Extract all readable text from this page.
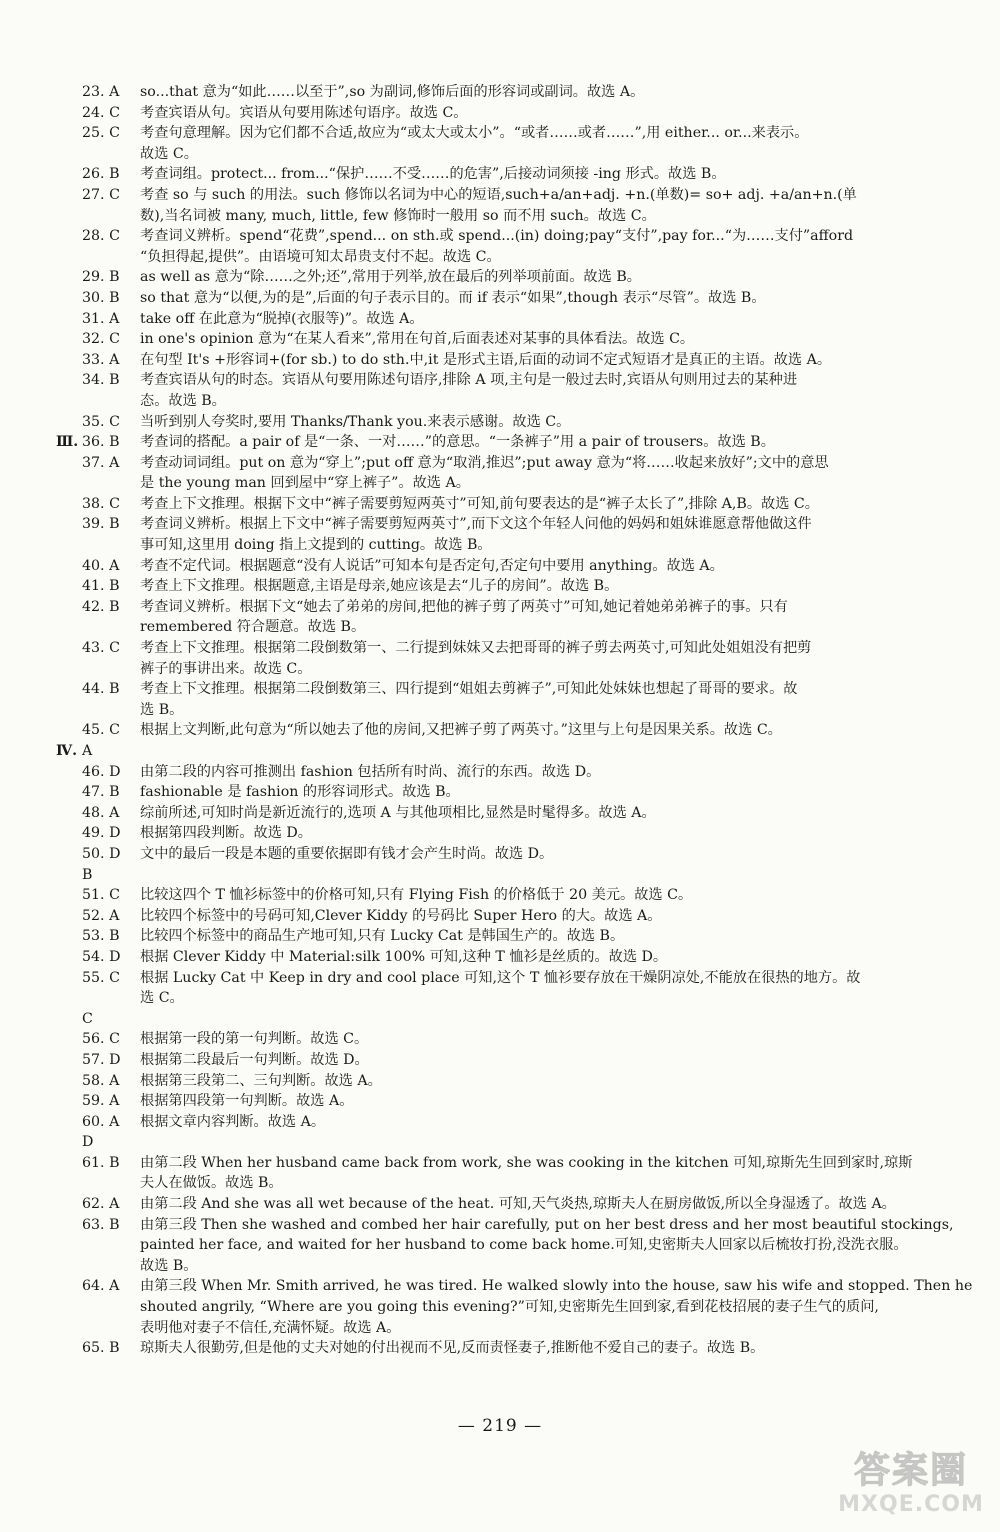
23. A so...that 意为“如此……以至于”,so 为副词,修饰后面的形容词或副词。故选 A。
24. C 考查宾语从句。宾语从句要用陈述句语序。故选 C。
25. C 考查句意理解。因为它们都不合适,故应为“或太大或太小”。“或者……或者……”,用 either... or...来表示。
故选 C。
26. B 考查词组。protect... from...“保护……不受……的危害”,后接动词须接 -ing 形式。故选 B。
27. C 考查 so 与 such 的用法。such 修饰以名词为中心的短语,such+a/an+adj. +n.(单数)= so+ adj. +a/an+n.(单
数),当名词被 many, much, little, few 修饰时一般用 so 而不用 such。故选 C。
28. C 考查词义辨析。spend“花费”,spend... on sth.或 spend...(in) doing;pay“支付”,pay for...“为……支付”afford
“负担得起,提供”。由语境可知太昂贵支付不起。故选 C。
29. B as well as 意为“除……之外;还”,常用于列举,放在最后的列举项前面。故选 B。
30. B so that 意为“以便,为的是”,后面的句子表示目的。而 if 表示“如果”,though 表示“尽管”。故选 B。
31. A take off 在此意为“脱掉(衣服等)”。故选 A。
32. C in one's opinion 意为“在某人看来”,常用在句首,后面表述对某事的具体看法。故选 C。
33. A 在句型 It's +形容词+(for sb.) to do sth.中,it 是形式主语,后面的动词不定式短语才是真正的主语。故选 A。
34. B 考查宾语从句的时态。宾语从句要用陈述句语序,排除 A 项,主句是一般过去时,宾语从句则用过去的某种进
态。故选 B。
35. C 当听到别人夸奖时,要用 Thanks/Thank you.来表示感谢。故选 C。
Ⅲ. 36. B 考查词的搭配。a pair of 是“一条、一对……”的意思。“一条裤子”用 a pair of trousers。故选 B。
37. A 考查动词词组。put on 意为“穿上”;put off 意为“取消,推迟”;put away 意为“将……收起来放好”;文中的意思
是 the young man 回到屋中“穿上裤子”。故选 A。
38. C 考查上下文推理。根据下文中“裤子需要剪短两英寸”可知,前句要表达的是“裤子太长了”,排除 A,B。故选 C。
39. B 考查词义辨析。根据上下文中“裤子需要剪短两英寸”,而下文这个年轻人问他的妈妈和姐妹谁愿意帮他做这件
事可知,这里用 doing 指上文提到的 cutting。故选 B。
40. A 考查不定代词。根据题意“没有人说话”可知本句是否定句,否定句中要用 anything。故选 A。
41. B 考查上下文推理。根据题意,主语是母亲,她应该是去“儿子的房间”。故选 B。
42. B 考查词义辨析。根据下文“她去了弟弟的房间,把他的裤子剪了两英寸”可知,她记着她弟弟裤子的事。只有
remembered 符合题意。故选 B。
43. C 考查上下文推理。根据第二段倒数第一、二行提到妹妹又去把哥哥的裤子剪去两英寸,可知此处姐姐没有把剪
裤子的事讲出来。故选 C。
44. B 考查上下文推理。根据第二段倒数第三、四行提到“姐姐去剪裤子”,可知此处妹妹也想起了哥哥的要求。故
选 B。
45. C 根据上文判断,此句意为“所以她去了他的房间,又把裤子剪了两英寸。”这里与上句是因果关系。故选 C。
Ⅳ. A
46. D 由第二段的内容可推测出 fashion 包括所有时尚、流行的东西。故选 D。
47. B fashionable 是 fashion 的形容词形式。故选 B。
48. A 综前所述,可知时尚是新近流行的,选项 A 与其他项相比,显然是时髦得多。故选 A。
49. D 根据第四段判断。故选 D。
50. D 文中的最后一段是本题的重要依据即有钱才会产生时尚。故选 D。
B
51. C 比较这四个 T 恤衫标签中的价格可知,只有 Flying Fish 的价格低于 20 美元。故选 C。
52. A 比较四个标签中的号码可知,Clever Kiddy 的号码比 Super Hero 的大。故选 A。
53. B 比较四个标签中的商品生产地可知,只有 Lucky Cat 是韩国生产的。故选 B。
54. D 根据 Clever Kiddy 中 Material:silk 100% 可知,这种 T 恤衫是丝质的。故选 D。
55. C 根据 Lucky Cat 中 Keep in dry and cool place 可知,这个 T 恤衫要存放在干燥阴凉处,不能放在很热的地方。故
选 C。
C
56. C 根据第一段的第一句判断。故选 C。
57. D 根据第二段最后一句判断。故选 D。
58. A 根据第三段第二、三句判断。故选 A。
59. A 根据第四段第一句判断。故选 A。
60. A 根据文章内容判断。故选 A。
D
61. B 由第二段 When her husband came back from work, she was cooking in the kitchen 可知,琼斯先生回到家时,琼斯
夫人在做饭。故选 B。
62. A 由第二段 And she was all wet because of the heat. 可知,天气炎热,琼斯夫人在厨房做饭,所以全身湿透了。故选 A。
63. B 由第三段 Then she washed and combed her hair carefully, put on her best dress and her most beautiful stockings,
painted her face, and waited for her husband to come back home.可知,史密斯夫人回家以后梳妆打扮,没洗衣服。
故选 B。
64. A 由第三段 When Mr. Smith arrived, he was tired. He walked slowly into the house, saw his wife and stopped. Then he
shouted angrily, “Where are you going this evening?”可知,史密斯先生回到家,看到花枝招展的妻子生气的质问,
表明他对妻子不信任,充满怀疑。故选 A。
65. B 琼斯夫人很勤劳,但是他的丈夫对她的付出视而不见,反而责怪妻子,推断他不爱自己的妻子。故选 B。
— 219 —
答案圈
MXQE.COM
